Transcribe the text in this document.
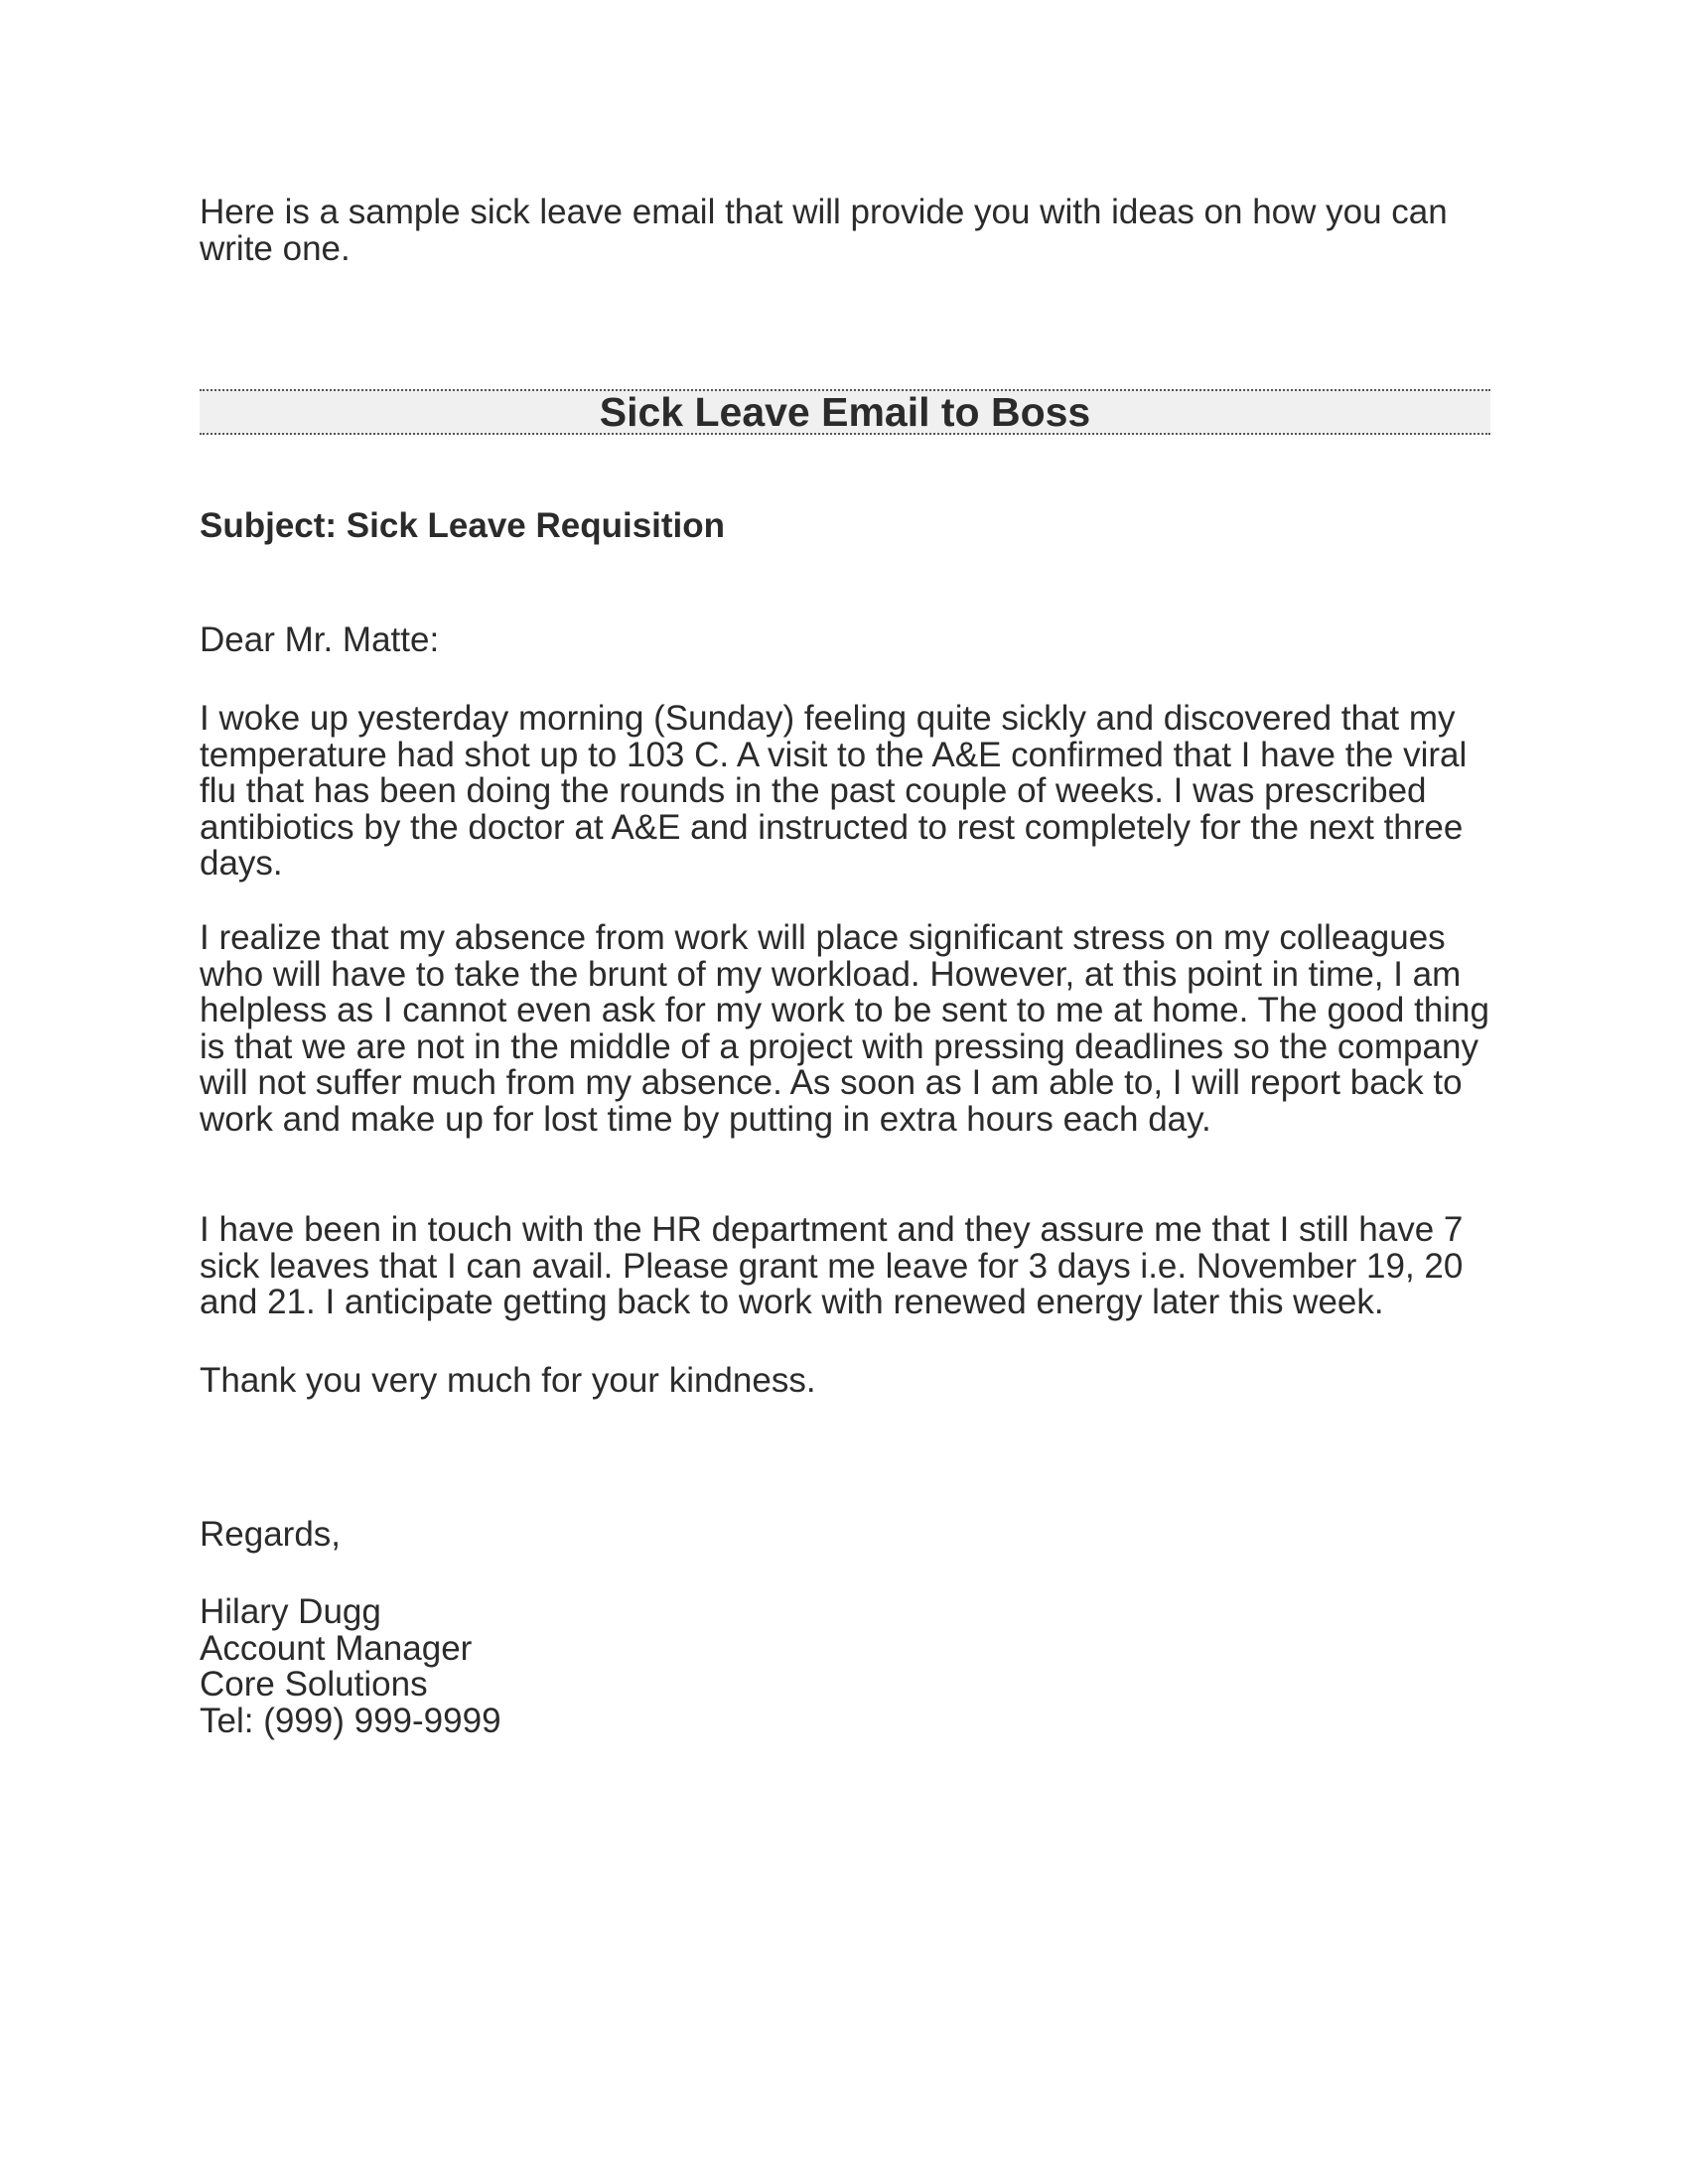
Here is a sample sick leave email that will provide you with ideas on how you can write one.

Sick Leave Email to Boss

Subject: Sick Leave Requisition

Dear Mr. Matte:

I woke up yesterday morning (Sunday) feeling quite sickly and discovered that my temperature had shot up to 103 C. A visit to the A&E confirmed that I have the viral flu that has been doing the rounds in the past couple of weeks. I was prescribed antibiotics by the doctor at A&E and instructed to rest completely for the next three days.

I realize that my absence from work will place significant stress on my colleagues who will have to take the brunt of my workload. However, at this point in time, I am helpless as I cannot even ask for my work to be sent to me at home. The good thing is that we are not in the middle of a project with pressing deadlines so the company will not suffer much from my absence. As soon as I am able to, I will report back to work and make up for lost time by putting in extra hours each day.

I have been in touch with the HR department and they assure me that I still have 7 sick leaves that I can avail. Please grant me leave for 3 days i.e. November 19, 20 and 21. I anticipate getting back to work with renewed energy later this week.

Thank you very much for your kindness.

Regards,

Hilary Dugg
Account Manager
Core Solutions
Tel: (999) 999-9999
